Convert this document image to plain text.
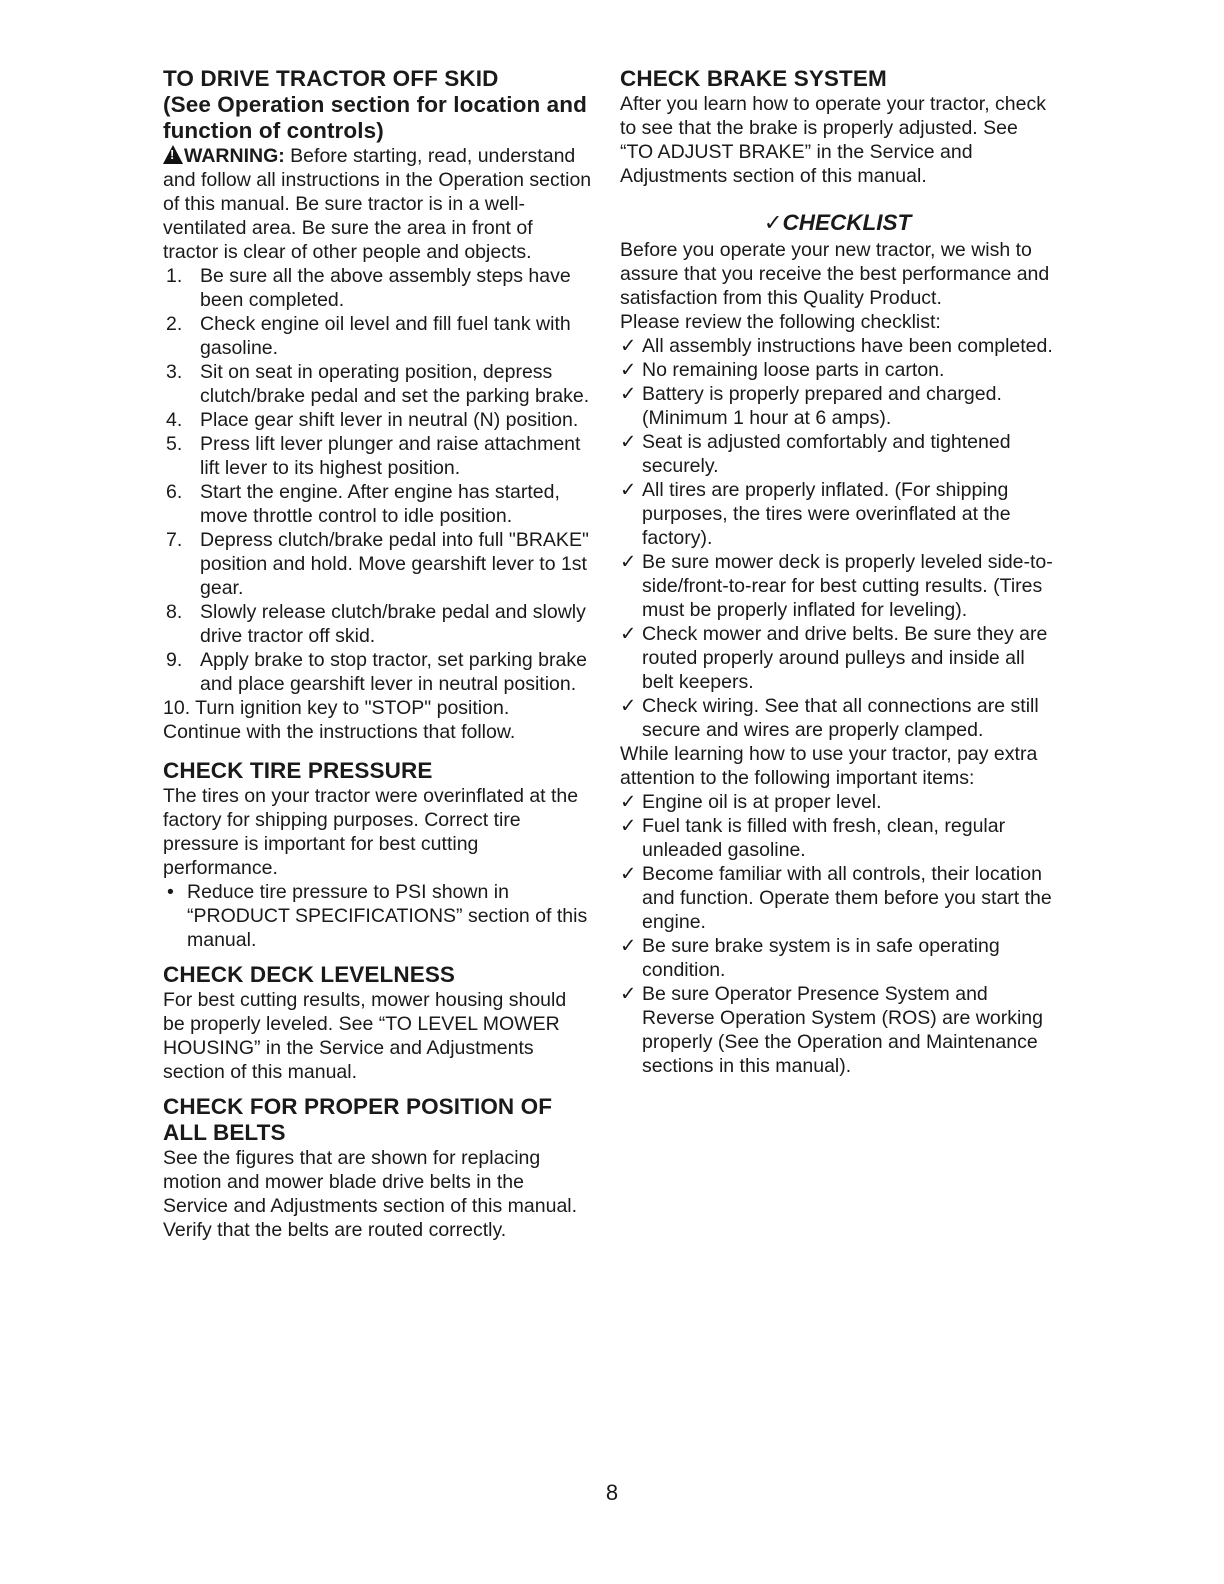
TO DRIVE TRACTOR OFF SKID
(See Operation section for location and function of controls)

!WARNING: Before starting, read, understand and follow all instructions in the Operation section of this manual. Be sure tractor is in a well-ventilated area. Be sure the area in front of tractor is clear of other people and objects.

1. Be sure all the above assembly steps have been completed.
2. Check engine oil level and fill fuel tank with gasoline.
3. Sit on seat in operating position, depress clutch/brake pedal and set the parking brake.
4. Place gear shift lever in neutral (N) position.
5. Press lift lever plunger and raise attachment lift lever to its highest position.
6. Start the engine. After engine has started, move throttle control to idle position.
7. Depress clutch/brake pedal into full "BRAKE" position and hold. Move gearshift lever to 1st gear.
8. Slowly release clutch/brake pedal and slowly drive tractor off skid.
9. Apply brake to stop tractor, set parking brake and place gearshift lever in neutral position.
10. Turn ignition key to "STOP" position.

Continue with the instructions that follow.

CHECK TIRE PRESSURE

The tires on your tractor were overinflated at the factory for shipping purposes. Correct tire pressure is important for best cutting performance.

• Reduce tire pressure to PSI shown in “PRODUCT SPECIFICATIONS” section of this manual.
CHECK DECK LEVELNESS

For best cutting results, mower housing should be properly leveled. See “TO LEVEL MOWER HOUSING” in the Service and Adjustments section of this manual.

CHECK FOR PROPER POSITION OF ALL BELTS

See the figures that are shown for replacing motion and mower blade drive belts in the Service and Adjustments section of this manual. Verify that the belts are routed correctly.

CHECK BRAKE SYSTEM

After you learn how to operate your tractor, check to see that the brake is properly adjusted. See “TO ADJUST BRAKE” in the Service and Adjustments section of this manual.

✓CHECKLIST

Before you operate your new tractor, we wish to assure that you receive the best performance and satisfaction from this Quality Product.

Please review the following checklist:

✓ All assembly instructions have been completed.
✓ No remaining loose parts in carton.
✓ Battery is properly prepared and charged. (Minimum 1 hour at 6 amps).
✓ Seat is adjusted comfortably and tightened securely.
✓ All tires are properly inflated. (For shipping purposes, the tires were overinflated at the factory).
✓ Be sure mower deck is properly leveled side-to-side/front-to-rear for best cutting results. (Tires must be properly inflated for leveling).
✓ Check mower and drive belts. Be sure they are routed properly around pulleys and inside all belt keepers.
✓ Check wiring. See that all connections are still secure and wires are properly clamped.

While learning how to use your tractor, pay extra attention to the following important items:

✓ Engine oil is at proper level.
✓ Fuel tank is filled with fresh, clean, regular unleaded gasoline.
✓ Become familiar with all controls, their location and function. Operate them before you start the engine.
✓ Be sure brake system is in safe operating condition.
✓ Be sure Operator Presence System and Reverse Operation System (ROS) are working properly (See the Operation and Maintenance sections in this manual).
8
